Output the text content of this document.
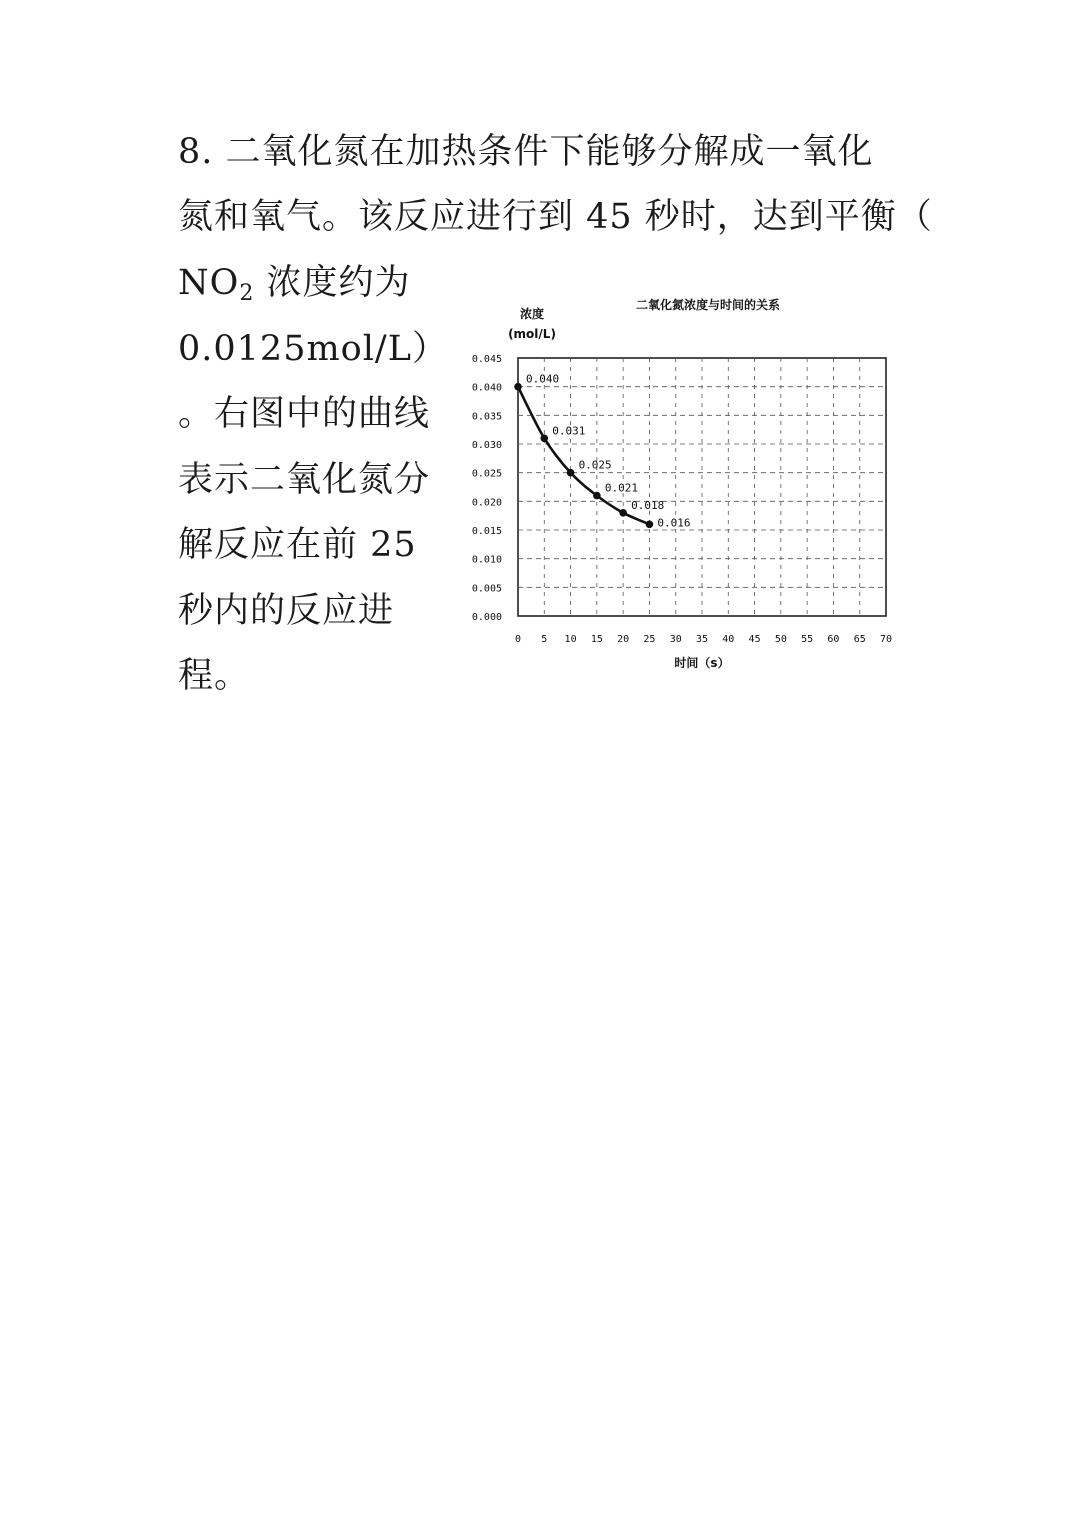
8. 二氧化氮在加热条件下能够分解成一氧化
氮和氧气。该反应进行到 45 秒时，达到平衡（
$NO_2$ 浓度约为
0.0125mol/L）
。右图中的曲线
表示二氧化氮分
解反应在前 25
秒内的反应进
程。
二氧化氮浓度与时间的关系
浓度
(mol/L)
0.000
0.005
0.010
0.015
0.020
0.025
0.030
0.035
0.040
0.045
0 5 10 15 20 25 30 35 40 45 50 55 60 65 70
0.040
0.031
0.025
0.021
0.018
0.016
时间（s）
